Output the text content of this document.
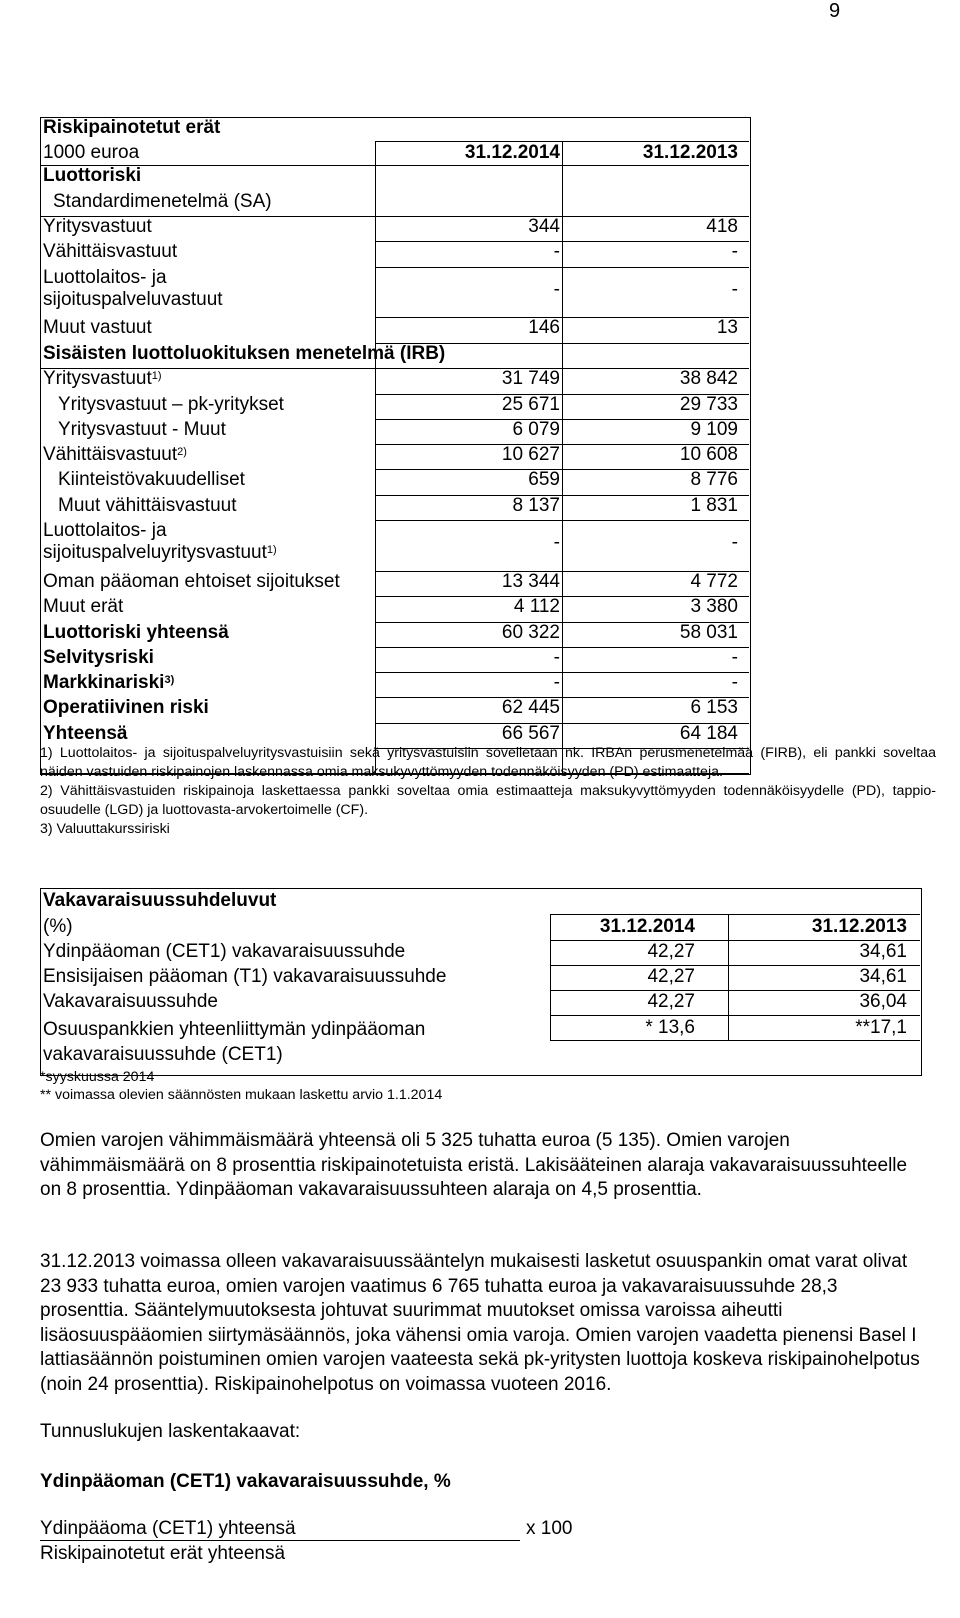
9
Riskipainotetut erät
1000 euroa	31.12.2014	31.12.2013
Luottoriski
Standardimenetelmä (SA)
Yritysvastuut	344	418
Vähittäisvastuut	-	-
Luottolaitos- ja
sijoituspalveluvastuut	-	-
Muut vastuut	146	13
Sisäisten luottoluokituksen menetelmä (IRB)
Yritysvastuut$^{1)}$	31 749	38 842
Yritysvastuut – pk-yritykset	25 671	29 733
Yritysvastuut - Muut	6 079	9 109
Vähittäisvastuut$^{2)}$	10 627	10 608
Kiinteistövakuudelliset	659	8 776
Muut vähittäisvastuut	8 137	1 831
Luottolaitos- ja
sijoituspalveluyritysvastuut$^{1)}$	-	-
Oman pääoman ehtoiset sijoitukset	13 344	4 772
Muut erät	4 112	3 380
Luottoriski yhteensä	60 322	58 031
Selvitysriski	-	-
Markkinariski$^{3)}$	-	-
Operatiivinen riski	62 445	6 153
Yhteensä	66 567	64 184

1) Luottolaitos- ja sijoituspalveluyritysvastuisiin sekä yritysvastuisiin sovelletaan nk. IRBAn perusmenetelmää (FIRB), eli pankki soveltaa näiden vastuiden riskipainojen laskennassa omia maksukyvyttömyyden todennäköisyyden (PD) estimaatteja.

2) Vähittäisvastuiden riskipainoja laskettaessa pankki soveltaa omia estimaatteja maksukyvyttömyyden todennäköisyydelle (PD), tappio-osuudelle (LGD) ja luottovasta-arvokertoimelle (CF).

3) Valuuttakurssiriski

Vakavaraisuussuhdeluvut
(%)	31.12.2014	31.12.2013
Ydinpääoman (CET1) vakavaraisuussuhde	42,27	34,61
Ensisijaisen pääoman (T1) vakavaraisuussuhde	42,27	34,61
Vakavaraisuussuhde	42,27	36,04
Osuuspankkien yhteenliittymän ydinpääoman
vakavaraisuussuhde (CET1)
* 13,6	**17,1
*syyskuussa 2014
** voimassa olevien säännösten mukaan laskettu arvio 1.1.2014

Omien varojen vähimmäismäärä yhteensä oli 5 325 tuhatta euroa (5 135). Omien varojen vähimmäismäärä on 8 prosenttia riskipainotetuista eristä. Lakisääteinen alaraja vakavaraisuussuhteelle on 8 prosenttia. Ydinpääoman vakavaraisuussuhteen alaraja on 4,5 prosenttia.

31.12.2013 voimassa olleen vakavaraisuussääntelyn mukaisesti lasketut osuuspankin omat varat olivat 23 933 tuhatta euroa, omien varojen vaatimus 6 765 tuhatta euroa ja vakavaraisuussuhde 28,3 prosenttia. Sääntelymuutoksesta johtuvat suurimmat muutokset omissa varoissa aiheutti lisäosuuspääomien siirtymäsäännös, joka vähensi omia varoja. Omien varojen vaadetta pienensi Basel I lattiasäännön poistuminen omien varojen vaateesta sekä pk-yritysten luottoja koskeva riskipainohelpotus (noin 24 prosenttia). Riskipainohelpotus on voimassa vuoteen 2016.

Tunnuslukujen laskentakaavat:

Ydinpääoman (CET1) vakavaraisuussuhde, %

Ydinpääoma (CET1) yhteensä	x 100
Riskipainotetut erät yhteensä
